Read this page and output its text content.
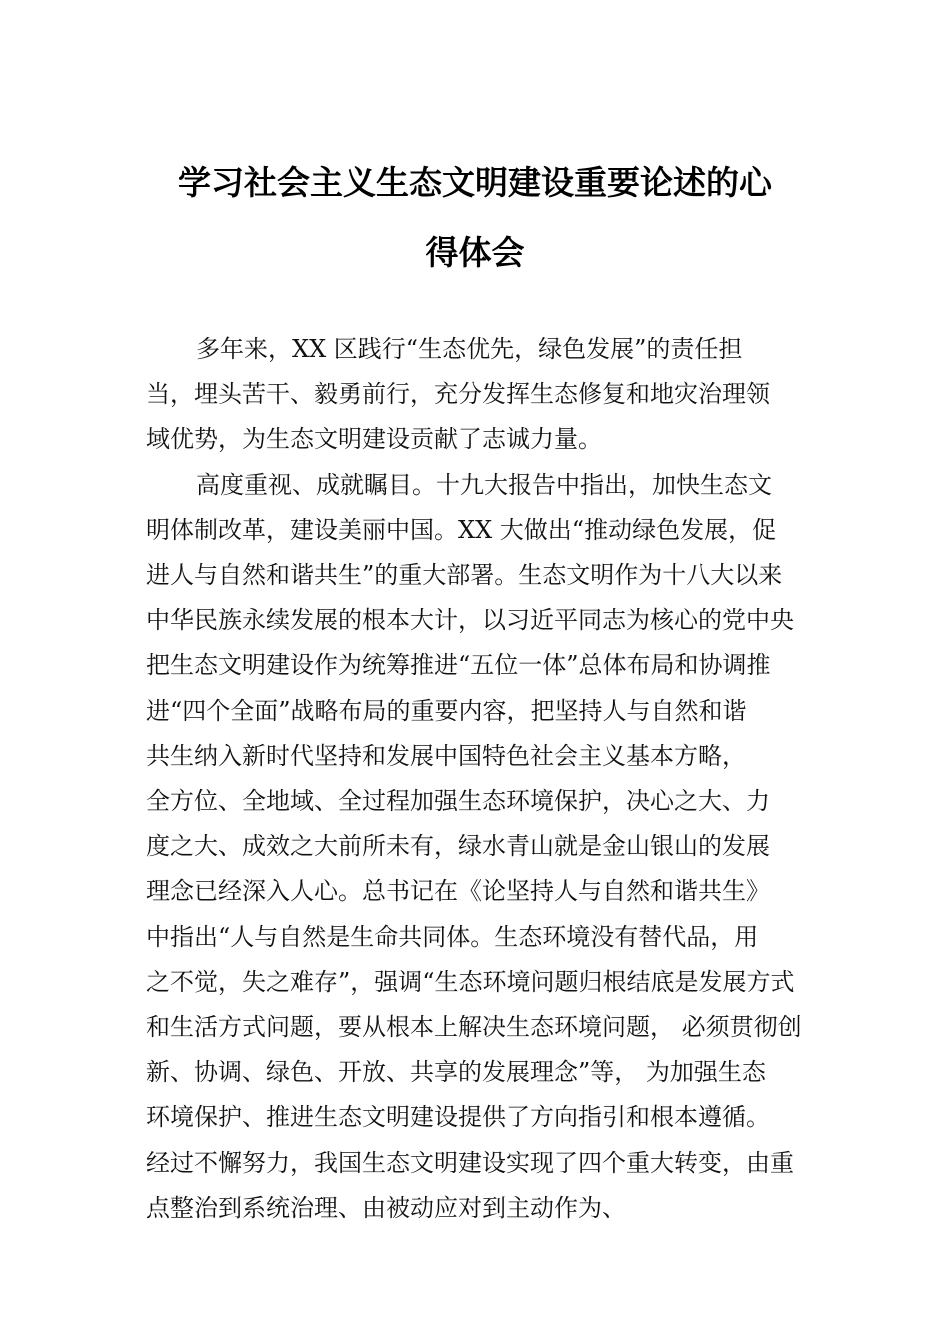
学习社会主义生态文明建设重要论述的心
得体会

多年来，XX 区践行“生态优先，绿色发展”的责任担

当，埋头苦干、毅勇前行，充分发挥生态修复和地灾治理领

域优势，为生态文明建设贡献了志诚力量。

高度重视、成就瞩目。十九大报告中指出，加快生态文

明体制改革，建设美丽中国。XX 大做出“推动绿色发展，促

进人与自然和谐共生”的重大部署。生态文明作为十八大以来

中华民族永续发展的根本大计，以习近平同志为核心的党中央

把生态文明建设作为统筹推进“五位一体”总体布局和协调推

进“四个全面”战略布局的重要内容，把坚持人与自然和谐

共生纳入新时代坚持和发展中国特色社会主义基本方略，

全方位、全地域、全过程加强生态环境保护，决心之大、力

度之大、成效之大前所未有，绿水青山就是金山银山的发展

理念已经深入人心。总书记在《论坚持人与自然和谐共生》

中指出“人与自然是生命共同体。生态环境没有替代品，用

之不觉，失之难存”，强调“生态环境问题归根结底是发展方式

和生活方式问题，要从根本上解决生态环境问题， 必须贯彻创

新、协调、绿色、开放、共享的发展理念”等， 为加强生态

环境保护、推进生态文明建设提供了方向指引和根本遵循。

经过不懈努力，我国生态文明建设实现了四个重大转变，由重

点整治到系统治理、由被动应对到主动作为、
